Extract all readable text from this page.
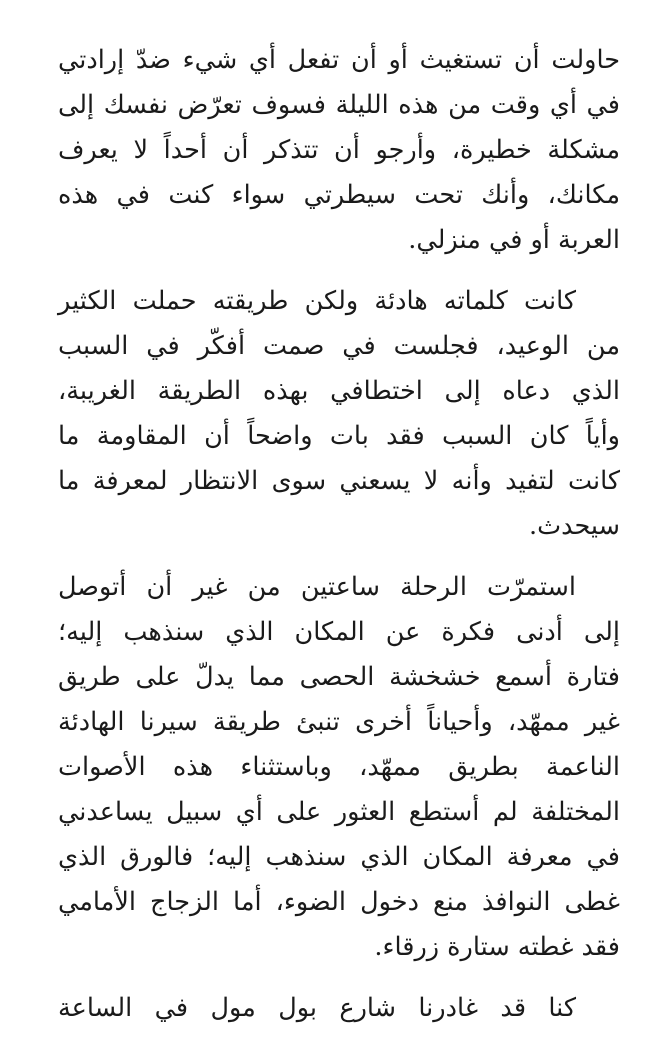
حاولت أن تستغيث أو أن تفعل أي شيء ضدّ إرادتي
في أي وقت من هذه الليلة فسوف تعرّض نفسك إلى
مشكلة خطيرة، وأرجو أن تتذكر أن أحداً لا يعرف
مكانك، وأنك تحت سيطرتي سواء كنت في هذه
العربة أو في منزلي.

كانت كلماته هادئة ولكن طريقته حملت الكثير
من الوعيد، فجلست في صمت أفكّر في السبب
الذي دعاه إلى اختطافي بهذه الطريقة الغريبة،
وأياً كان السبب فقد بات واضحاً أن المقاومة ما
كانت لتفيد وأنه لا يسعني سوى الانتظار لمعرفة ما
سيحدث.

استمرّت الرحلة ساعتين من غير أن أتوصل
إلى أدنى فكرة عن المكان الذي سنذهب إليه؛
فتارة أسمع خشخشة الحصى مما يدلّ على طريق
غير ممهّد، وأحياناً أخرى تنبئ طريقة سيرنا الهادئة
الناعمة بطريق ممهّد، وباستثناء هذه الأصوات
المختلفة لم أستطع العثور على أي سبيل يساعدني
في معرفة المكان الذي سنذهب إليه؛ فالورق الذي
غطى النوافذ منع دخول الضوء، أما الزجاج الأمامي
فقد غطته ستارة زرقاء.

كنا قد غادرنا شارع بول مول في الساعة
